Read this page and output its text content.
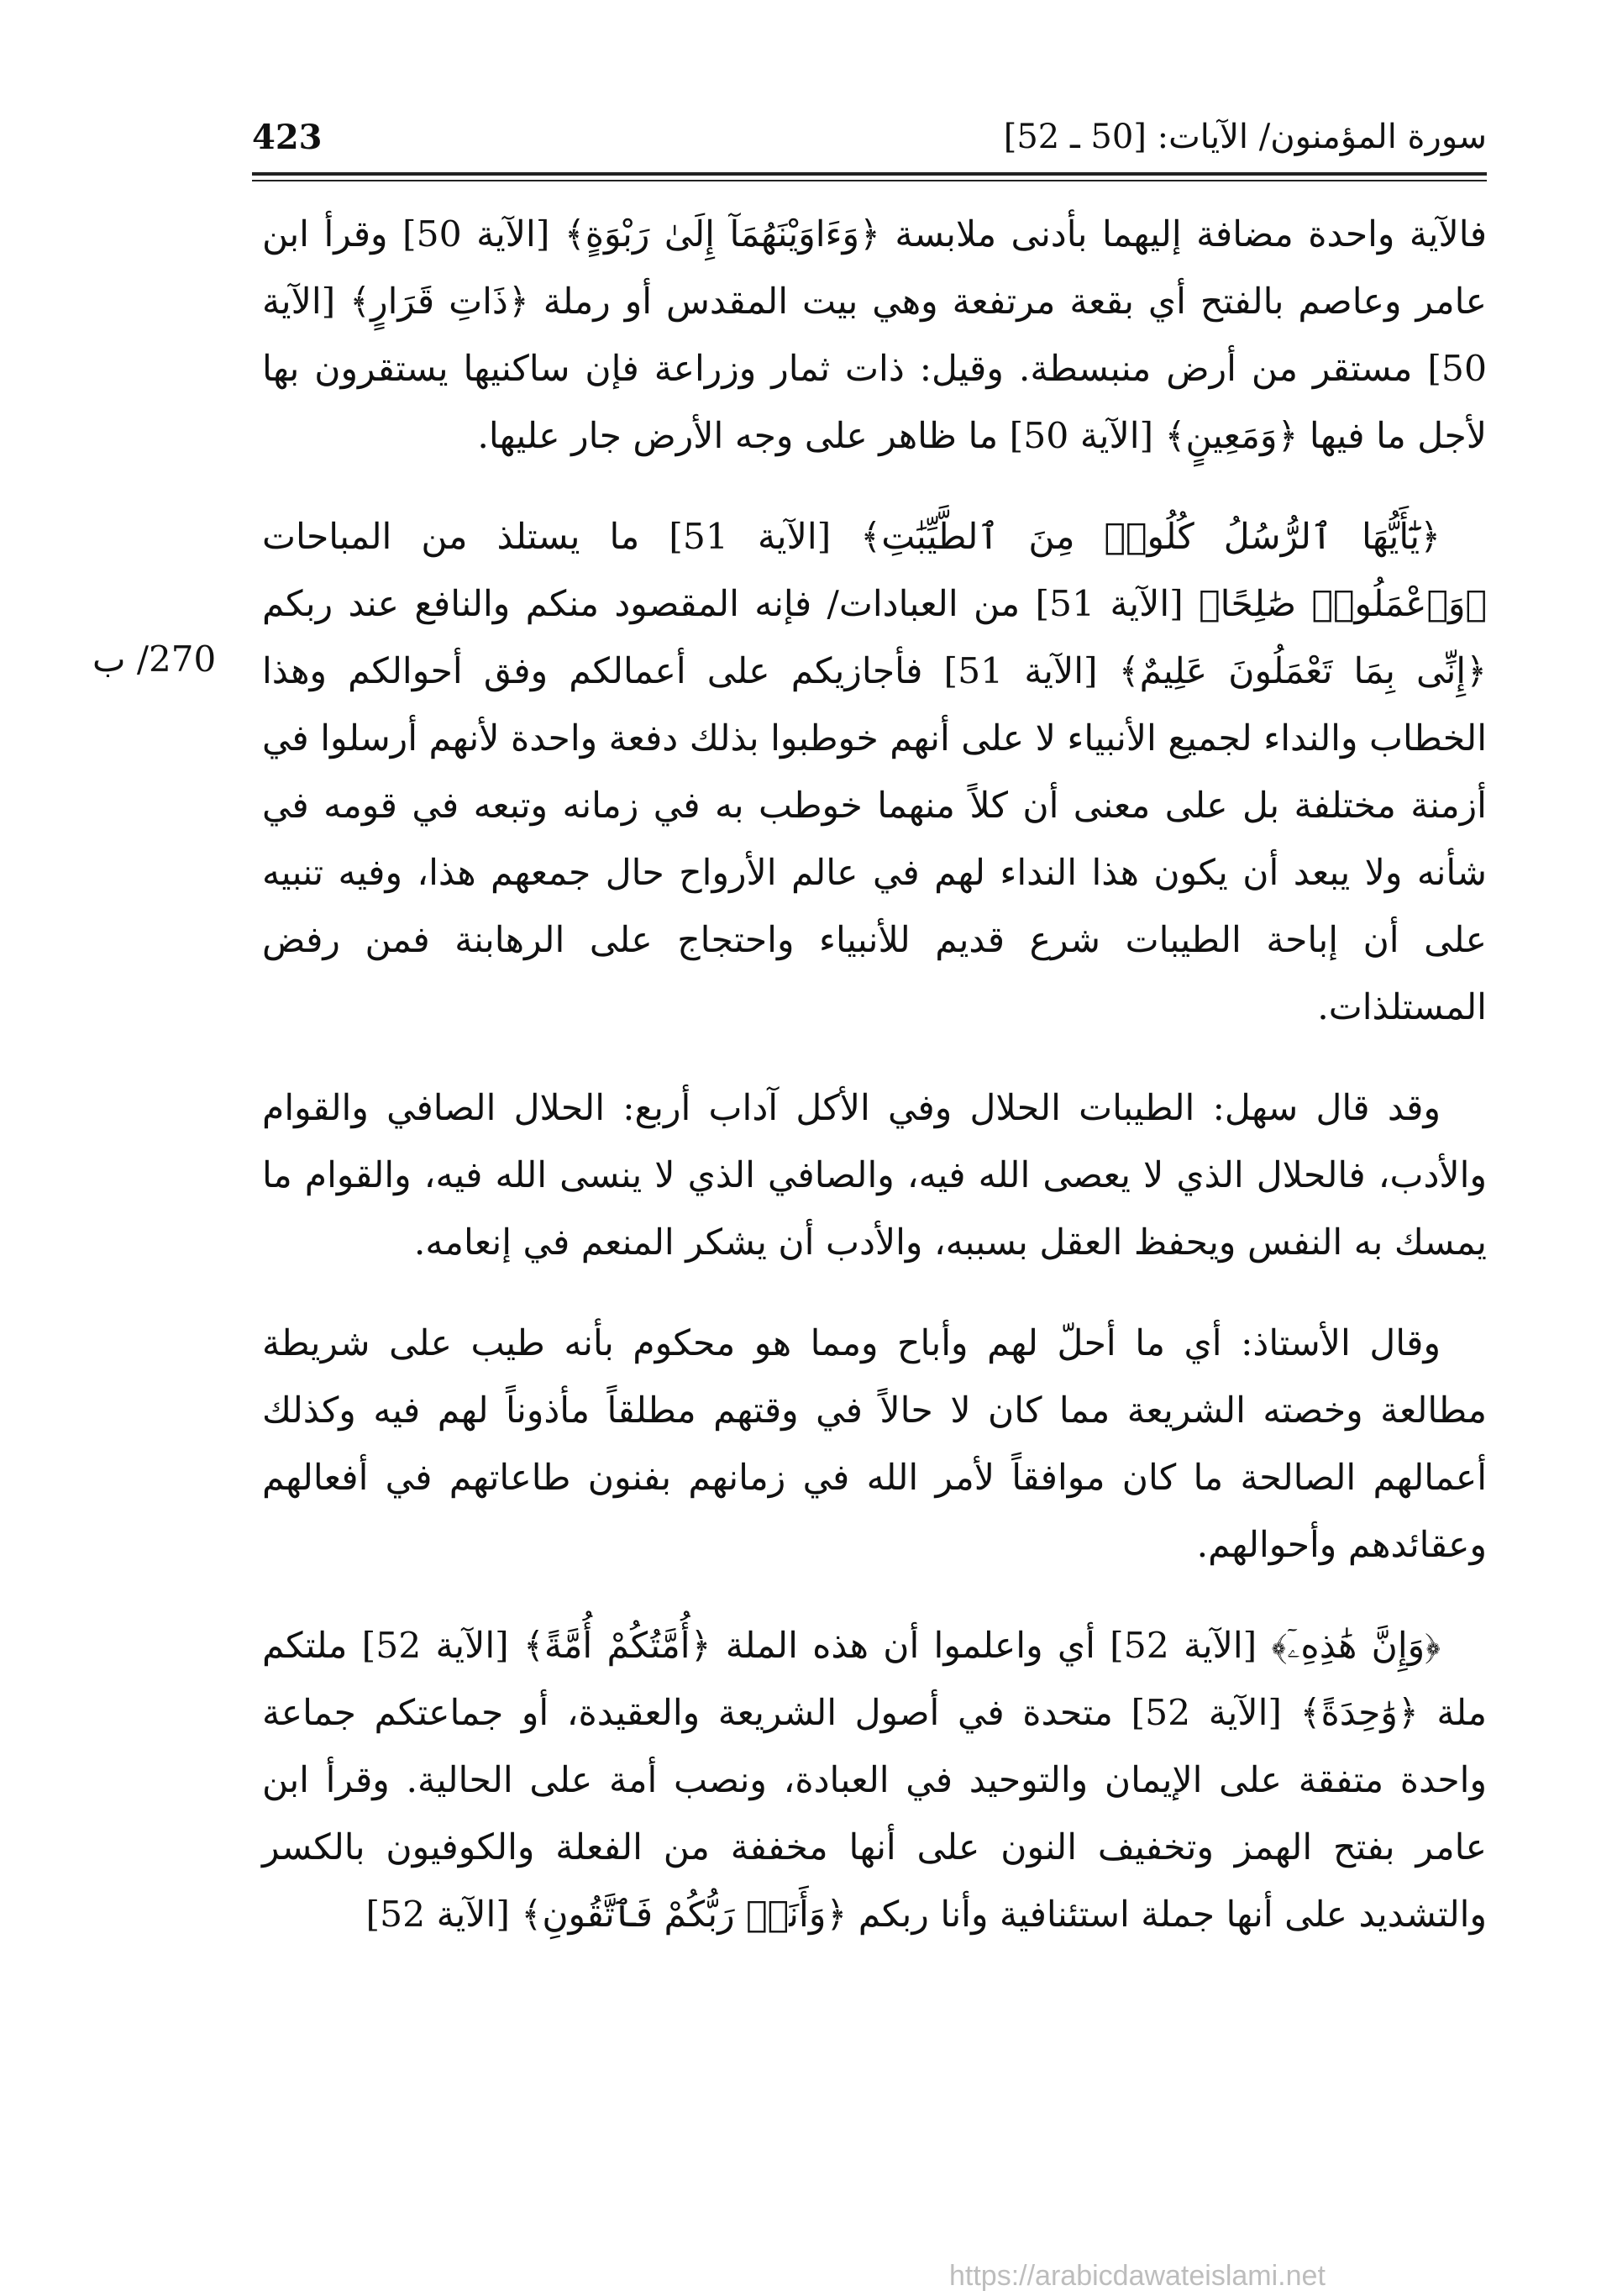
423	سورة المؤمنون/ الآيات: [50 ـ 52]
270/ ب

فالآية واحدة مضافة إليهما بأدنى ملابسة ﴿وَءَاوَيْنَهُمَآ إِلَىٰ رَبْوَةٍ﴾ [الآية 50] وقرأ ابن عامر وعاصم بالفتح أي بقعة مرتفعة وهي بيت المقدس أو رملة ﴿ذَاتِ قَرَارٍ﴾ [الآية 50] مستقر من أرض منبسطة. وقيل: ذات ثمار وزراعة فإن ساكنيها يستقرون بها لأجل ما فيها ﴿وَمَعِينٍ﴾ [الآية 50] ما ظاهر على وجه الأرض جار عليها.

﴿يَٰٓأَيُّهَا ٱلرُّسُلُ كُلُوا۟ مِنَ ٱلطَّيِّبَٰتِ﴾ [الآية 51] ما يستلذ من المباحات ﴿وَٱعْمَلُوا۟ صَٰلِحًا﴾ [الآية 51] من العبادات/ فإنه المقصود منكم والنافع عند ربكم ﴿إِنِّى بِمَا تَعْمَلُونَ عَلِيمٌ﴾ [الآية 51] فأجازيكم على أعمالكم وفق أحوالكم وهذا الخطاب والنداء لجميع الأنبياء لا على أنهم خوطبوا بذلك دفعة واحدة لأنهم أرسلوا في أزمنة مختلفة بل على معنى أن كلاً منهما خوطب به في زمانه وتبعه في قومه في شأنه ولا يبعد أن يكون هذا النداء لهم في عالم الأرواح حال جمعهم هذا، وفيه تنبيه على أن إباحة الطيبات شرع قديم للأنبياء واحتجاج على الرهابنة فمن رفض المستلذات.

وقد قال سهل: الطيبات الحلال وفي الأكل آداب أربع: الحلال الصافي والقوام والأدب، فالحلال الذي لا يعصى الله فيه، والصافي الذي لا ينسى الله فيه، والقوام ما يمسك به النفس ويحفظ العقل بسببه، والأدب أن يشكر المنعم في إنعامه.

وقال الأستاذ: أي ما أحلّ لهم وأباح ومما هو محكوم بأنه طيب على شريطة مطالعة وخصته الشريعة مما كان لا حالاً في وقتهم مطلقاً مأذوناً لهم فيه وكذلك أعمالهم الصالحة ما كان موافقاً لأمر الله في زمانهم بفنون طاعاتهم في أفعالهم وعقائدهم وأحوالهم.

﴿وَإِنَّ هَٰذِهِۦٓ﴾ [الآية 52] أي واعلموا أن هذه الملة ﴿أُمَّتُكُمْ أُمَّةً﴾ [الآية 52] ملتكم ملة ﴿وَٰحِدَةً﴾ [الآية 52] متحدة في أصول الشريعة والعقيدة، أو جماعتكم جماعة واحدة متفقة على الإيمان والتوحيد في العبادة، ونصب أمة على الحالية. وقرأ ابن عامر بفتح الهمز وتخفيف النون على أنها مخففة من الفعلة والكوفيون بالكسر والتشديد على أنها جملة استئنافية وأنا ربكم ﴿وَأَنَا۠ رَبُّكُمْ فَٱتَّقُونِ﴾ [الآية 52]

https://arabicdawateislami.net
